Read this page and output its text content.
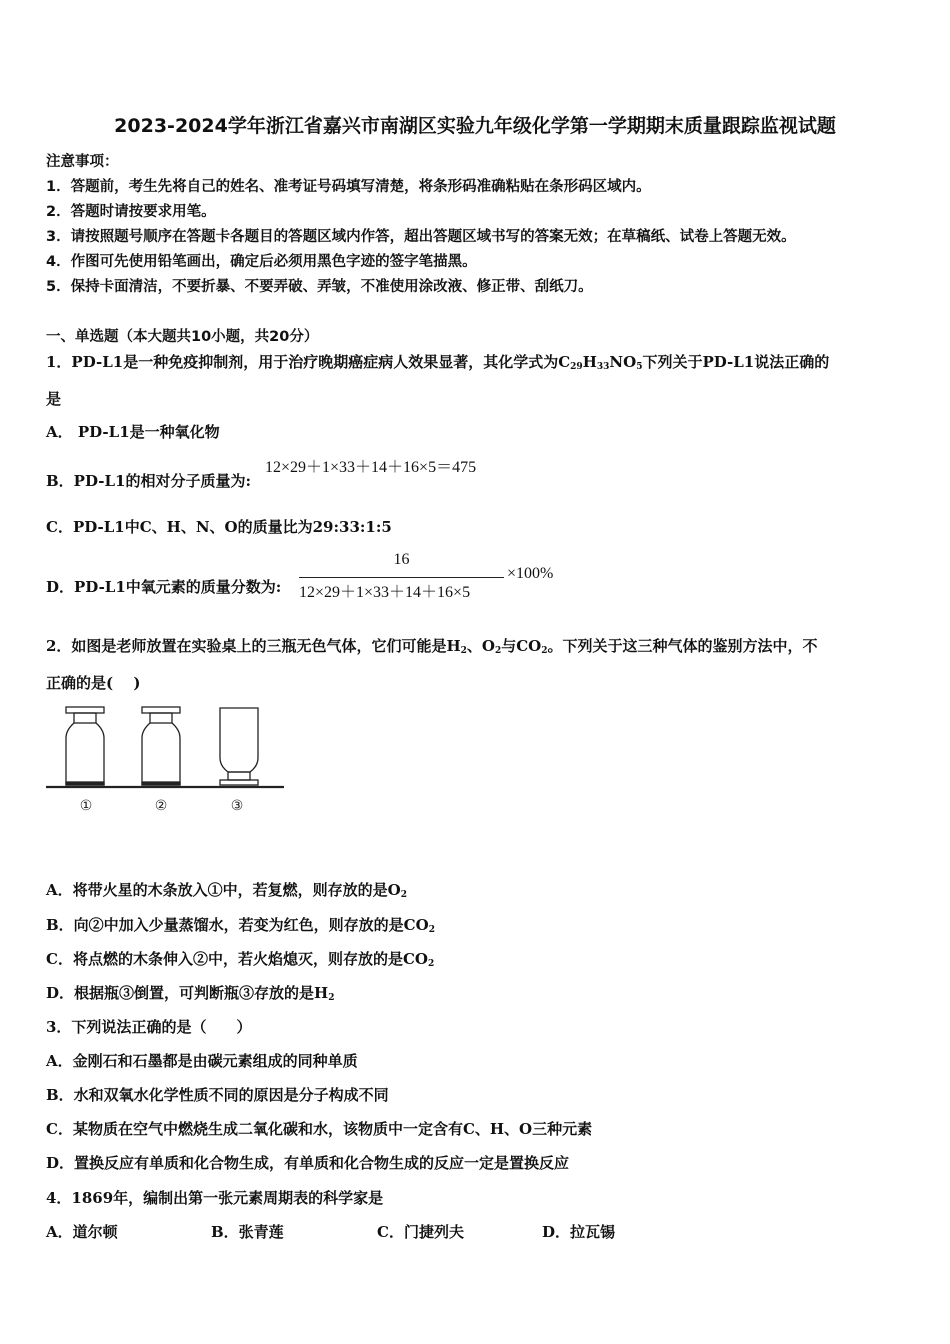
2023-2024学年浙江省嘉兴市南湖区实验九年级化学第一学期期末质量跟踪监视试题
注意事项：
1．答题前，考生先将自己的姓名、准考证号码填写清楚，将条形码准确粘贴在条形码区域内。
2．答题时请按要求用笔。
3．请按照题号顺序在答题卡各题目的答题区域内作答，超出答题区域书写的答案无效；在草稿纸、试卷上答题无效。
4．作图可先使用铅笔画出，确定后必须用黑色字迹的签字笔描黑。
5．保持卡面清洁，不要折暴、不要弄破、弄皱，不准使用涂改液、修正带、刮纸刀。
一、单选题（本大题共10小题，共20分）
1．PD-L1是一种免疫抑制剂，用于治疗晚期癌症病人效果显著，其化学式为$C_{29}H_{33}NO_5$下列关于PD-L1说法正确的
是
A． PD-L1是一种氧化物
B．PD-L1的相对分子质量为:
12×29＋1×33＋14＋16×5＝475
C．PD-L1中C、H、N、O的质量比为29:33:1:5
D．PD-L1中氧元素的质量分数为:
16
12×29＋1×33＋14＋16×5
×100%
2．如图是老师放置在实验桌上的三瓶无色气体，它们可能是$H_2$、$O_2$与$CO_2$。下列关于这三种气体的鉴别方法中，不
正确的是(　 )
①	②	③
A．将带火星的木条放入①中，若复燃，则存放的是$O_2$
B．向②中加入少量蒸馏水，若变为红色，则存放的是$CO_2$
C．将点燃的木条伸入②中，若火焰熄灭，则存放的是$CO_2$
D．根据瓶③倒置，可判断瓶③存放的是$H_2$
3．下列说法正确的是（　　）
A．金刚石和石墨都是由碳元素组成的同种单质
B．水和双氧水化学性质不同的原因是分子构成不同
C．某物质在空气中燃烧生成二氧化碳和水，该物质中一定含有C、H、O三种元素
D．置换反应有单质和化合物生成，有单质和化合物生成的反应一定是置换反应
4．1869年，编制出第一张元素周期表的科学家是
A．道尔顿	B．张青莲	C．门捷列夫	D．拉瓦锡
